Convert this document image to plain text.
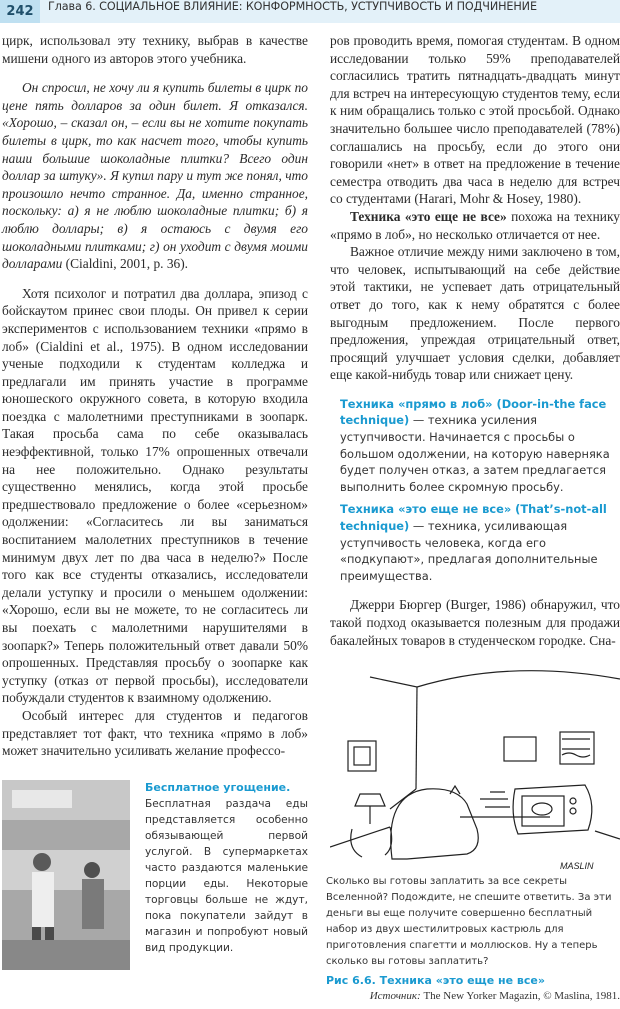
242	Глава 6. СОЦИАЛЬНОЕ ВЛИЯНИЕ: КОНФОРМНОСТЬ, УСТУПЧИВОСТЬ И ПОДЧИНЕНИЕ

цирк, использовал эту технику, выбрав в качестве мишени одного из авторов этого учебника.

Он спросил, не хочу ли я купить билеты в цирк по цене пять долларов за один билет. Я отказался. «Хорошо, – сказал он, – если вы не хотите покупать билеты в цирк, то как насчет того, чтобы купить наши большие шоколадные плитки? Всего один доллар за штуку». Я купил пару и тут же понял, что произошло нечто странное. Да, именно странное, поскольку: а) я не люблю шоколадные плитки; б) я люблю доллары; в) я остаюсь с двумя его шоколадными плитками; г) он уходит с двумя моими долларами (Cialdini, 2001, p. 36).

Хотя психолог и потратил два доллара, эпизод с бойскаутом принес свои плоды. Он привел к серии экспериментов с использованием техники «прямо в лоб» (Cialdini et al., 1975). В одном исследовании ученые подходили к студентам колледжа и предлагали им принять участие в программе юношеского окружного совета, в которую входила поездка с малолетними преступниками в зоопарк. Такая просьба сама по себе оказывалась неэффективной, только 17% опрошенных отвечали на нее положительно. Однако результаты существенно менялись, когда этой просьбе предшествовало предложение о более «серьезном» одолжении: «Согласитесь ли вы заниматься воспитанием малолетних преступников в течение минимум двух лет по два часа в неделю?» После того как все студенты отказались, исследователи делали уступку и просили о меньшем одолжении: «Хорошо, если вы не можете, то не согласитесь ли вы поехать с малолетними нарушителями в зоопарк?» Теперь положительный ответ давали 50% опрошенных. Представляя просьбу о зоопарке как уступку (отказ от первой просьбы), исследователи побуждали студентов к взаимному одолжению.

Особый интерес для студентов и педагогов представляет тот факт, что техника «прямо в лоб» может значительно усиливать желание профессо-

Бесплатное угощение.
Бесплатная раздача еды представляется особенно обязывающей первой услугой. В супермаркетах часто раздаются маленькие порции еды. Некоторые торговцы больше не ждут, пока покупатели зайдут в магазин и попробуют новый вид продукции.

ров проводить время, помогая студентам. В одном исследовании только 59% преподавателей согласились тратить пятнадцать-двадцать минут для встреч на интересующую студентов тему, если к ним обращались только с этой просьбой. Однако значительно большее число преподавателей (78%) соглашались на просьбу, если до этого они говорили «нет» в ответ на предложение в течение семестра отводить два часа в неделю для встреч со студентами (Harari, Mohr & Hosey, 1980).

Техника «это еще не все» похожа на технику «прямо в лоб», но несколько отличается от нее.

Важное отличие между ними заключено в том, что человек, испытывающий на себе действие этой тактики, не успевает дать отрицательный ответ до того, как к нему обратятся с более выгодным предложением. После первого предложения, упреждая отрицательный ответ, просящий улучшает условия сделки, добавляет еще какой-нибудь товар или снижает цену.

Техника «прямо в лоб» (Door-in-the face technique) — техника усиления уступчивости. Начинается с просьбы о большом одолжении, на которую наверняка будет получен отказ, а затем предлагается выполнить более скромную просьбу.

Техника «это еще не все» (That’s-not-all technique) — техника, усиливающая уступчивость человека, когда его «подкупают», предлагая дополнительные преимущества.

Джерри Бюргер (Burger, 1986) обнаружил, что такой подход оказывается полезным для продажи бакалейных товаров в студенческом городке. Сна-

MASLIN
Сколько вы готовы заплатить за все секреты Вселенной? Подождите, не спешите ответить. За эти деньги вы еще получите совершенно бесплатный набор из двух шестилитровых кастрюль для приготовления спагетти и моллюсков. Ну а теперь сколько вы готовы заплатить?
Рис 6.6. Техника «это еще не все»
Источник: The New Yorker Magazin, © Maslina, 1981.
